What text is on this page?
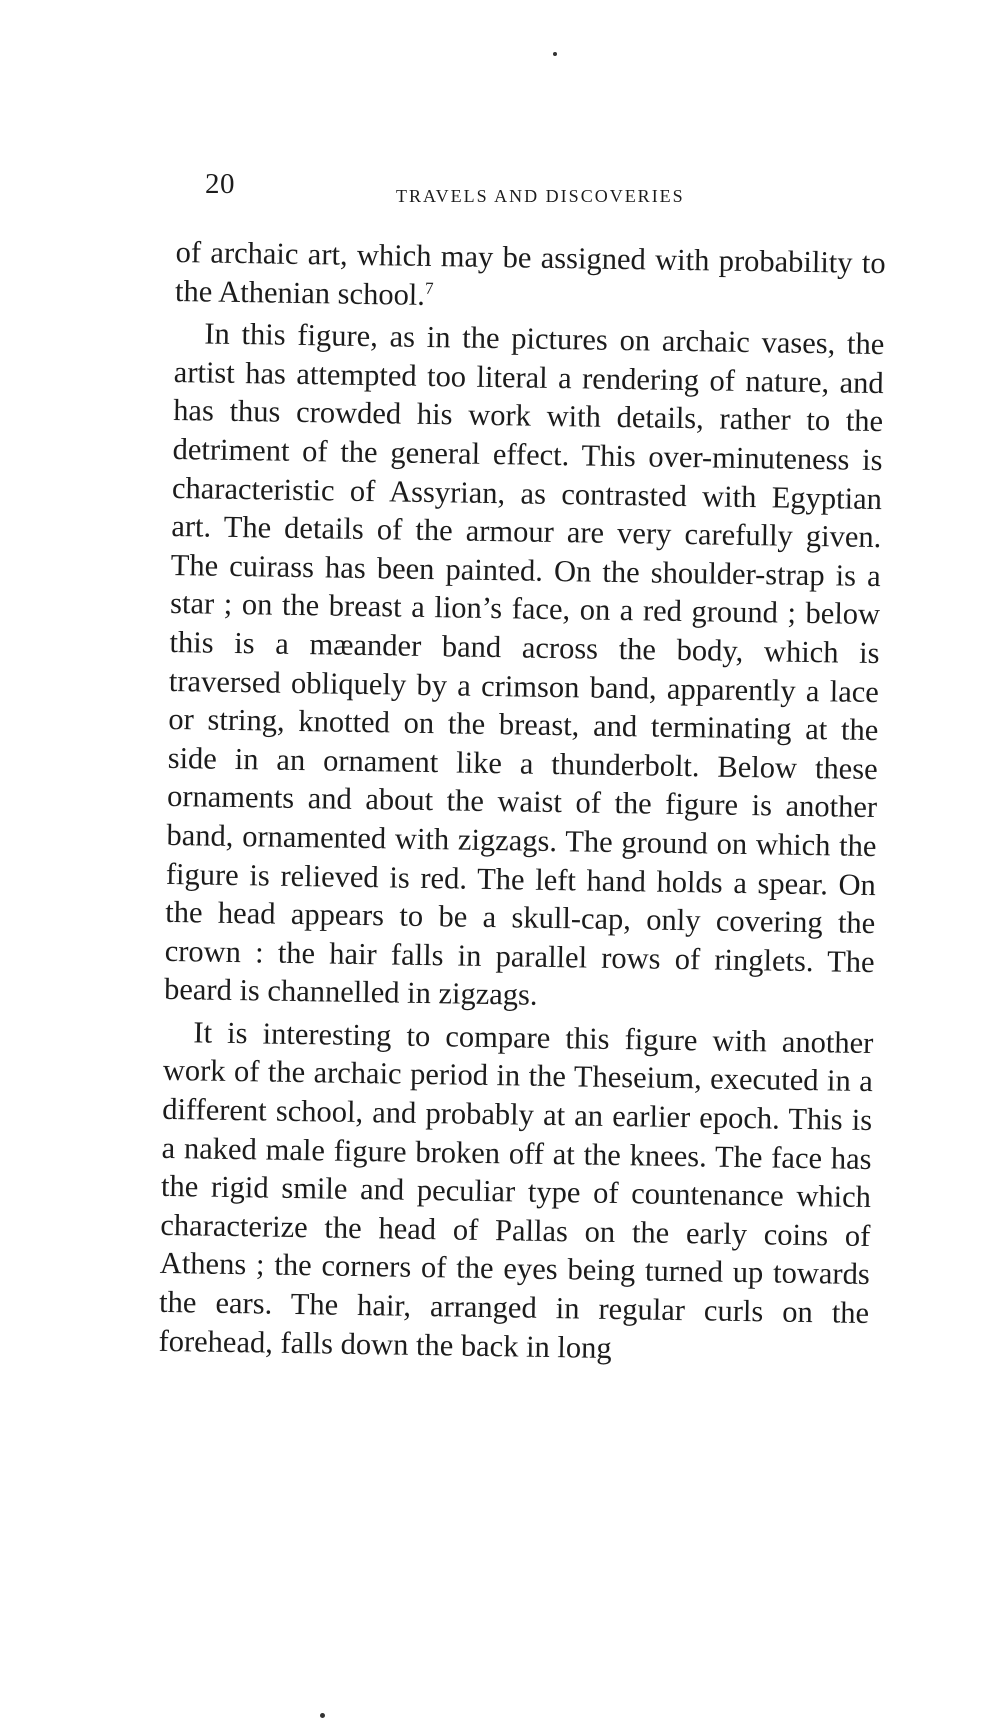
20	TRAVELS AND DISCOVERIES

of archaic art, which may be assigned with probability to the Athenian school.$^7$

In this figure, as in the pictures on archaic vases, the artist has attempted too literal a rendering of nature, and has thus crowded his work with details, rather to the detriment of the general effect. This over-minuteness is characteristic of Assyrian, as contrasted with Egyptian art. The details of the armour are very carefully given. The cuirass has been painted. On the shoulder-strap is a star ; on the breast a lion’s face, on a red ground ; below this is a mæander band across the body, which is traversed obliquely by a crimson band, apparently a lace or string, knotted on the breast, and terminating at the side in an ornament like a thunderbolt. Below these ornaments and about the waist of the figure is another band, ornamented with zigzags. The ground on which the figure is relieved is red. The left hand holds a spear. On the head appears to be a skull-cap, only covering the crown : the hair falls in parallel rows of ringlets. The beard is channelled in zigzags.

It is interesting to compare this figure with another work of the archaic period in the Theseium, executed in a different school, and probably at an earlier epoch. This is a naked male figure broken off at the knees. The face has the rigid smile and peculiar type of countenance which characterize the head of Pallas on the early coins of Athens ; the corners of the eyes being turned up towards the ears. The hair, arranged in regular curls on the forehead, falls down the back in long
